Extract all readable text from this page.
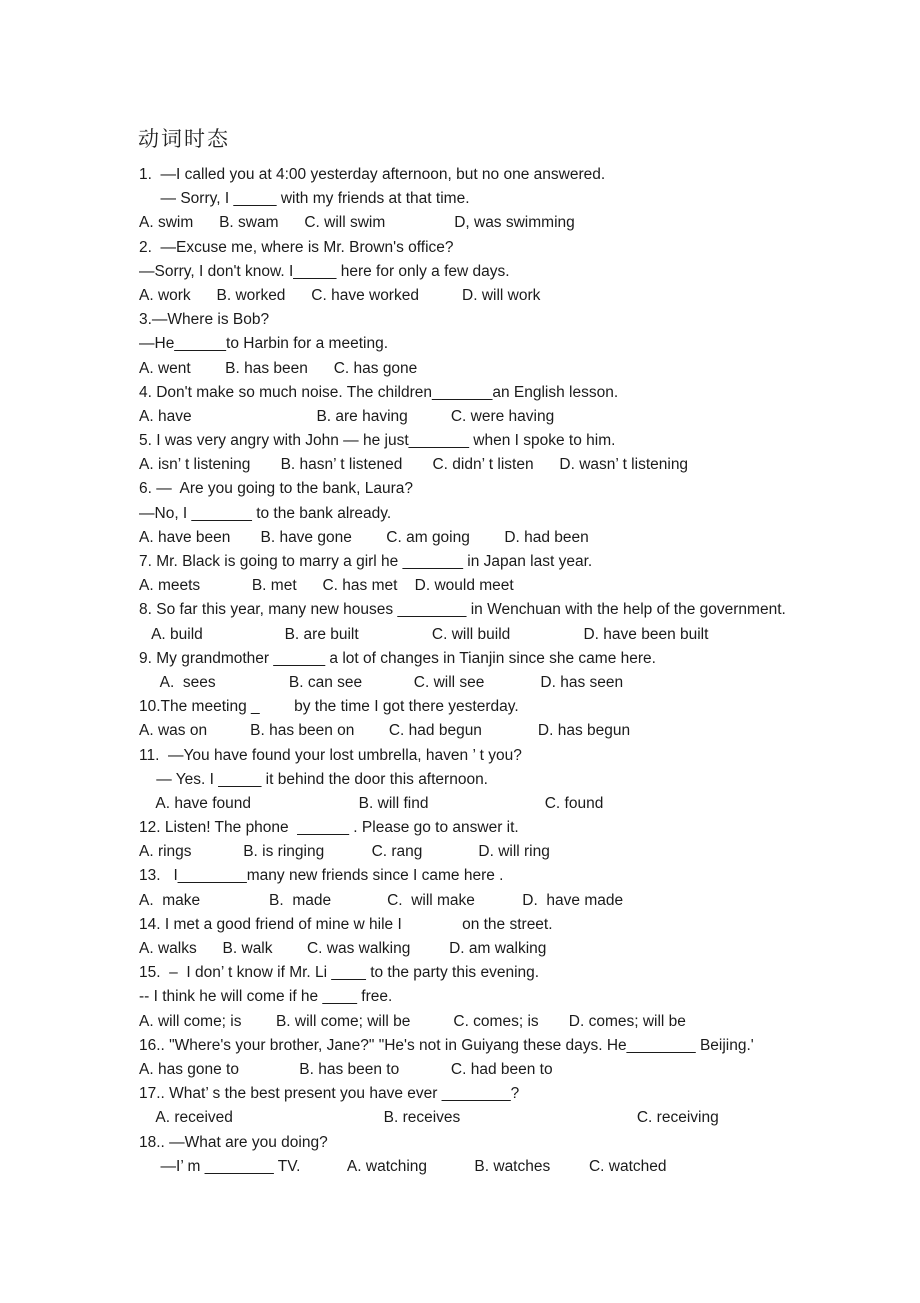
动词时态
1.  —I called you at 4:00 yesterday afternoon, but no one answered.
— Sorry, I _____ with my friends at that time.
A. swim      B. swam      C. will swim                D, was swimming
2.  —Excuse me, where is Mr. Brown's office?
—Sorry, I don't know. I_____ here for only a few days.
A. work      B. worked      C. have worked          D. will work
3.—Where is Bob?
—He______to Harbin for a meeting.
A. went        B. has been      C. has gone
4. Don't make so much noise. The children_______an English lesson.
A. have                             B. are having          C. were having
5. I was very angry with John — he just_______ when I spoke to him.
A. isn’ t listening       B. hasn’ t listened       C. didn’ t listen      D. wasn’ t listening
6. —  Are you going to the bank, Laura?
—No, I _______ to the bank already.
A. have been       B. have gone        C. am going        D. had been
7. Mr. Black is going to marry a girl he _______ in Japan last year.
A. meets            B. met      C. has met    D. would meet
8. So far this year, many new houses ________ in Wenchuan with the help of the government.
A. build                   B. are built                 C. will build                 D. have been built
9. My grandmother ______ a lot of changes in Tianjin since she came here.
A.  sees                 B. can see            C. will see             D. has seen
10.The meeting _        by the time I got there yesterday.
A. was on          B. has been on        C. had begun             D. has begun
11.  —You have found your lost umbrella, haven ’ t you?
— Yes. I _____ it behind the door this afternoon.
A. have found                         B. will find                           C. found
12. Listen! The phone  ______ . Please go to answer it.
A. rings            B. is ringing           C. rang             D. will ring
13.   I________many new friends since I came here .
A.  make                B.  made             C.  will make           D.  have made
14. I met a good friend of mine w hile I              on the street.
A. walks      B. walk        C. was walking         D. am walking
15.  –  I don’ t know if Mr. Li ____ to the party this evening.
-- I think he will come if he ____ free.
A. will come; is        B. will come; will be          C. comes; is       D. comes; will be
16.. "Where's your brother, Jane?" "He's not in Guiyang these days. He________ Beijing.'
A. has gone to              B. has been to            C. had been to
17.. What’ s the best present you have ever ________?
A. received                                   B. receives                                         C. receiving
18.. —What are you doing?
—I’ m ________ TV.           A. watching           B. watches         C. watched
